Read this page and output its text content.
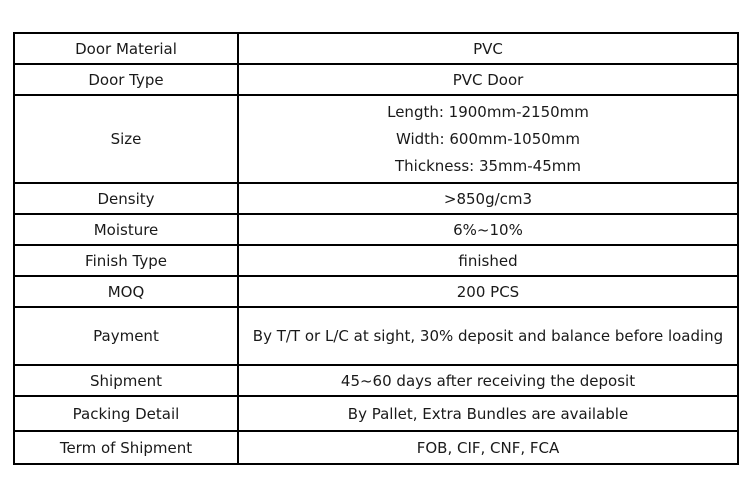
Door Material	PVC
Door Type	PVC Door
Size	Length: 1900mm-2150mm
Width: 600mm-1050mm
Thickness: 35mm-45mm

Density	>850g/cm3
Moisture	6%~10%
Finish Type	finished
MOQ	200 PCS
Payment	By T/T or L/C at sight, 30% deposit and balance before loading
Shipment	45~60 days after receiving the deposit
Packing Detail	By Pallet, Extra Bundles are available
Term of Shipment	FOB, CIF, CNF, FCA
